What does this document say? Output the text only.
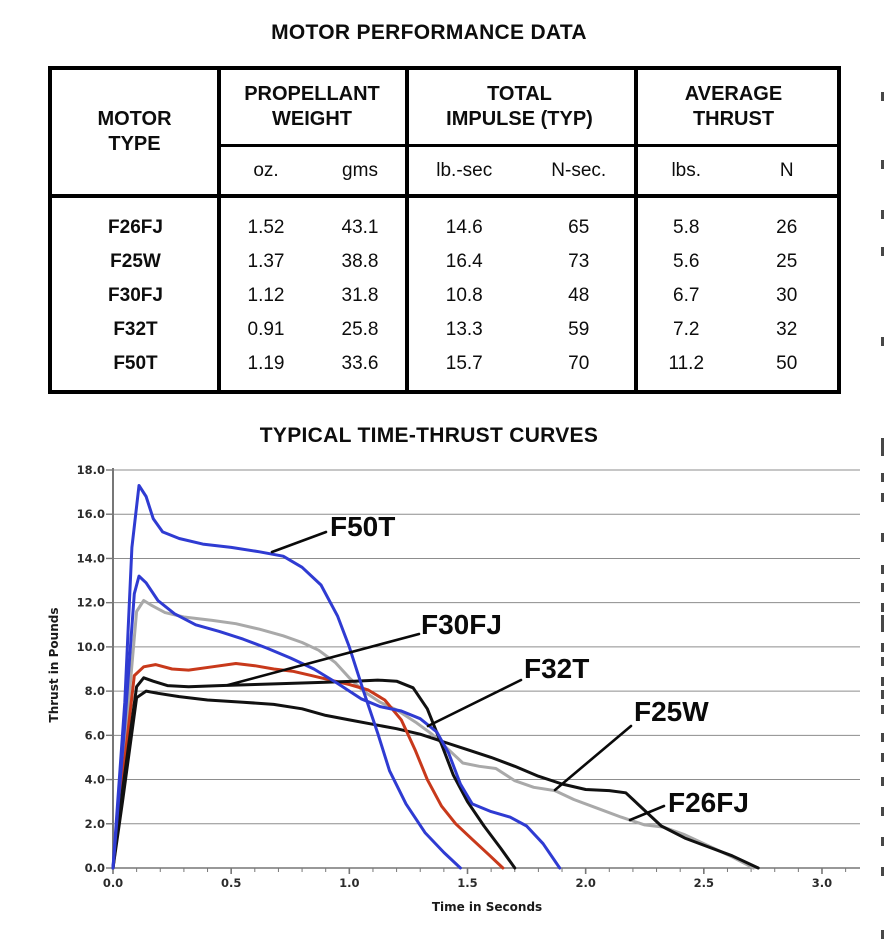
MOTOR PERFORMANCE DATA
MOTOR
TYPE
PROPELLANT
WEIGHT
TOTAL
IMPULSE (TYP)
AVERAGE
THRUST
oz.	gms	lb.-sec	N-sec.	lbs.	N
F26FJ	1.52	43.1	14.6	65	5.8	26
F25W	1.37	38.8	16.4	73	5.6	25
F30FJ	1.12	31.8	10.8	48	6.7	30
F32T	0.91	25.8	13.3	59	7.2	32
F50T	1.19	33.6	15.7	70	11.2	50
TYPICAL TIME-THRUST CURVES
0.0
2.0
4.0
6.0
8.0
10.0
12.0
14.0
16.0
18.0
0.0	0.5	1.0	1.5	2.0	2.5	3.0
F50T
F30FJ
F32T
F25W
F26FJ
Time in Seconds
Thrust in Pounds
